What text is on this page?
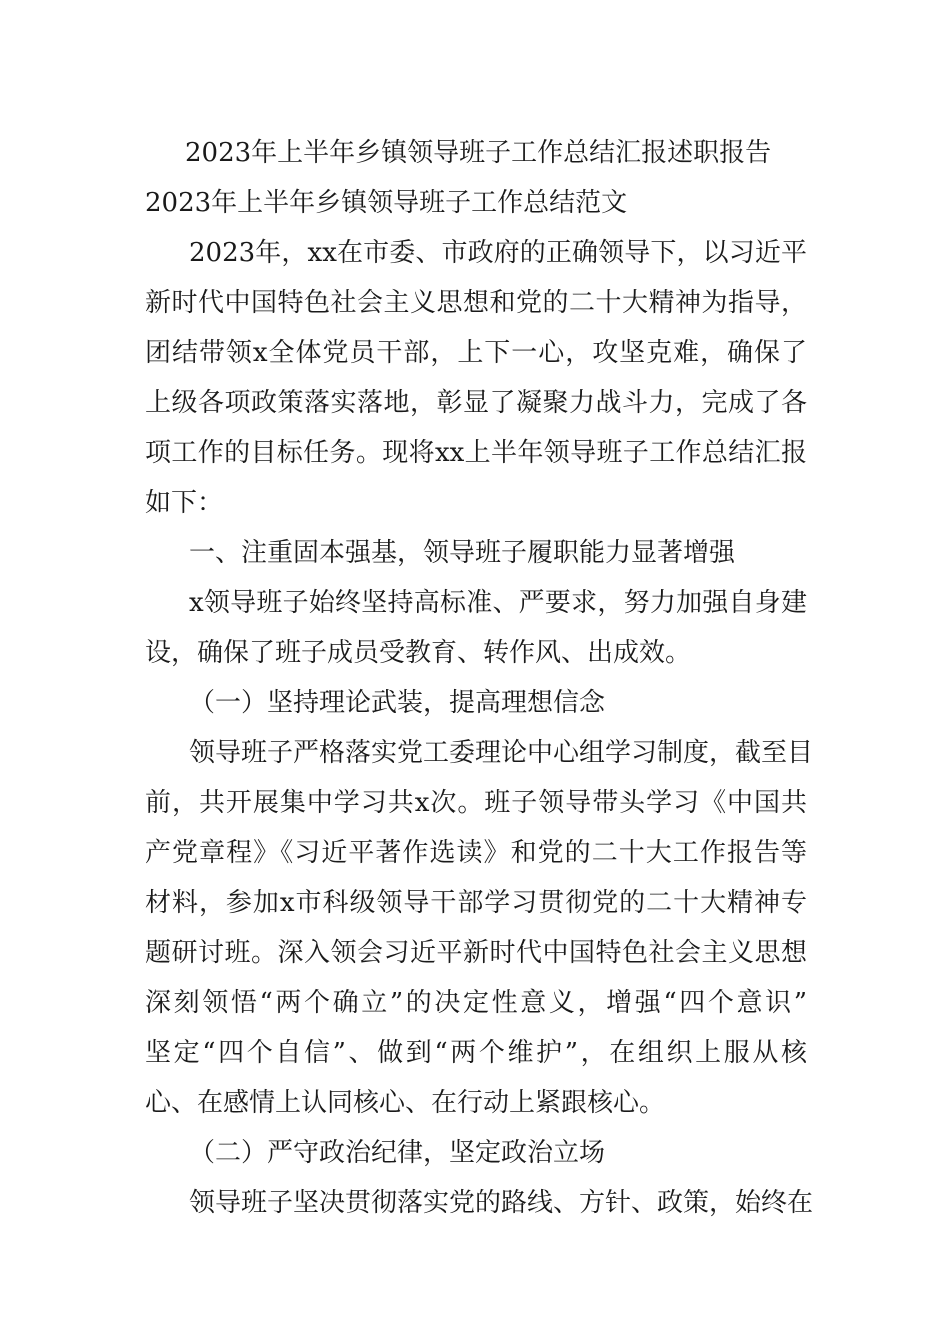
2023年上半年乡镇领导班子工作总结汇报述职报告
2023年上半年乡镇领导班子工作总结范文
2023年，xx在市委、市政府的正确领导下，以习近平
新时代中国特色社会主义思想和党的二十大精神为指导，
团结带领x全体党员干部，上下一心，攻坚克难，确保了
上级各项政策落实落地，彰显了凝聚力战斗力，完成了各
项工作的目标任务。现将xx上半年领导班子工作总结汇报
如下：
一、注重固本强基，领导班子履职能力显著增强
x领导班子始终坚持高标准、严要求，努力加强自身建
设，确保了班子成员受教育、转作风、出成效。
（一）坚持理论武装，提高理想信念
领导班子严格落实党工委理论中心组学习制度，截至目
前，共开展集中学习共x次。班子领导带头学习《中国共
产党章程》《习近平著作选读》和党的二十大工作报告等
材料，参加x市科级领导干部学习贯彻党的二十大精神专
题研讨班。深入领会习近平新时代中国特色社会主义思想
深刻领悟“两个确立”的决定性意义，增强“四个意识”
坚定“四个自信”、做到“两个维护”，在组织上服从核
心、在感情上认同核心、在行动上紧跟核心。
（二）严守政治纪律，坚定政治立场
领导班子坚决贯彻落实党的路线、方针、政策，始终在
